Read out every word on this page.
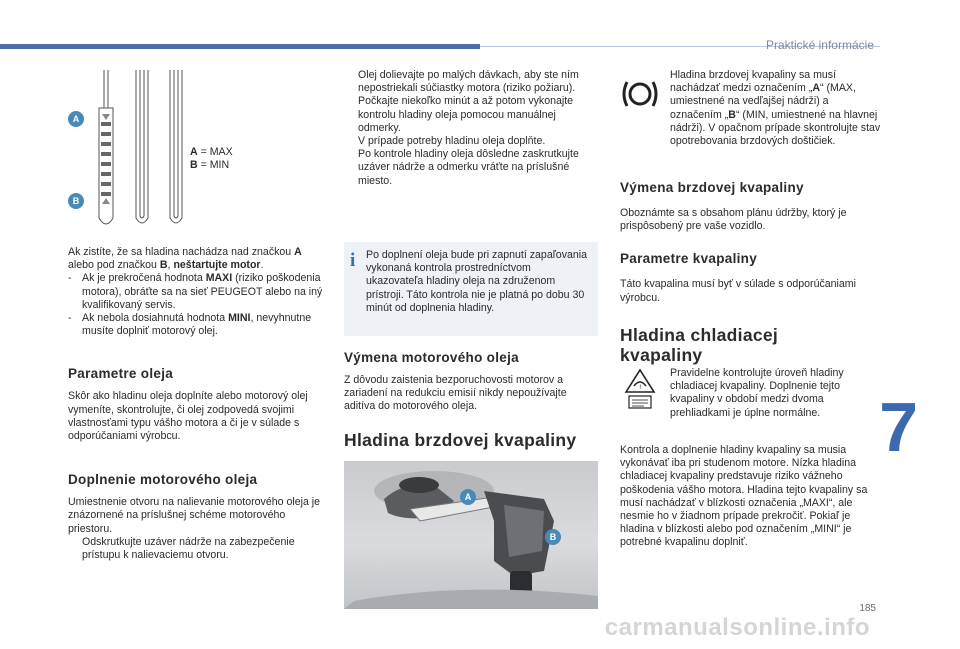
Praktické informácie
A
B
A = MAX
B = MIN
Ak zistíte, že sa hladina nachádza nad značkou A alebo pod značkou B, neštartujte motor.
- Ak je prekročená hodnota MAXI (riziko poškodenia motora), obráťte sa na sieť PEUGEOT alebo na iný kvalifikovaný servis.
- Ak nebola dosiahnutá hodnota MINI, nevyhnutne musíte doplniť motorový olej.
Parametre oleja
Skôr ako hladinu oleja doplníte alebo motorový olej vymeníte, skontrolujte, či olej zodpovedá svojimi vlastnosťami typu vášho motora a či je v súlade s odporúčaniami výrobcu.
Doplnenie motorového oleja
Umiestnenie otvoru na nalievanie motorového oleja je znázornené na príslušnej schéme motorového priestoru.
Odskrutkujte uzáver nádrže na zabezpečenie prístupu k nalievaciemu otvoru.
Olej dolievajte po malých dávkach, aby ste ním nepostriekali súčiastky motora (riziko požiaru).
Počkajte niekoľko minút a až potom vykonajte kontrolu hladiny oleja pomocou manuálnej odmerky.
V prípade potreby hladinu oleja doplňte.
Po kontrole hladiny oleja dôsledne zaskrutkujte uzáver nádrže a odmerku vráťte na príslušné miesto.
i	Po doplnení oleja bude pri zapnutí zapaľovania vykonaná kontrola prostredníctvom ukazovateľa hladiny oleja na združenom prístroji. Táto kontrola nie je platná po dobu 30 minút od doplnenia hladiny.
Výmena motorového oleja
Z dôvodu zaistenia bezporuchovosti motorov a zariadení na redukciu emisií nikdy nepoužívajte aditíva do motorového oleja.
Hladina brzdovej kvapaliny
A
B
Hladina brzdovej kvapaliny sa musí nachádzať medzi označením „A“ (MAX, umiestnené na vedľajšej nádrži) a označením „B“ (MIN, umiestnené na hlavnej nádrži). V opačnom prípade skontrolujte stav opotrebovania brzdových doštičiek.
Výmena brzdovej kvapaliny
Oboznámte sa s obsahom plánu údržby, ktorý je prispôsobený pre vaše vozidlo.
Parametre kvapaliny
Táto kvapalina musí byť v súlade s odporúčaniami výrobcu.
Hladina chladiacej
kvapaliny
!
Pravidelne kontrolujte úroveň hladiny chladiacej kvapaliny. Doplnenie tejto kvapaliny v období medzi dvoma prehliadkami je úplne normálne.
Kontrola a doplnenie hladiny kvapaliny sa musia vykonávať iba pri studenom motore. Nízka hladina chladiacej kvapaliny predstavuje riziko vážneho poškodenia vášho motora. Hladina tejto kvapaliny sa musí nachádzať v blízkosti označenia „MAXI“, ale nesmie ho v žiadnom prípade prekročiť. Pokiaľ je hladina v blízkosti alebo pod označením „MINI“ je potrebné kvapalinu doplniť.
7
185
carmanualsonline.info
